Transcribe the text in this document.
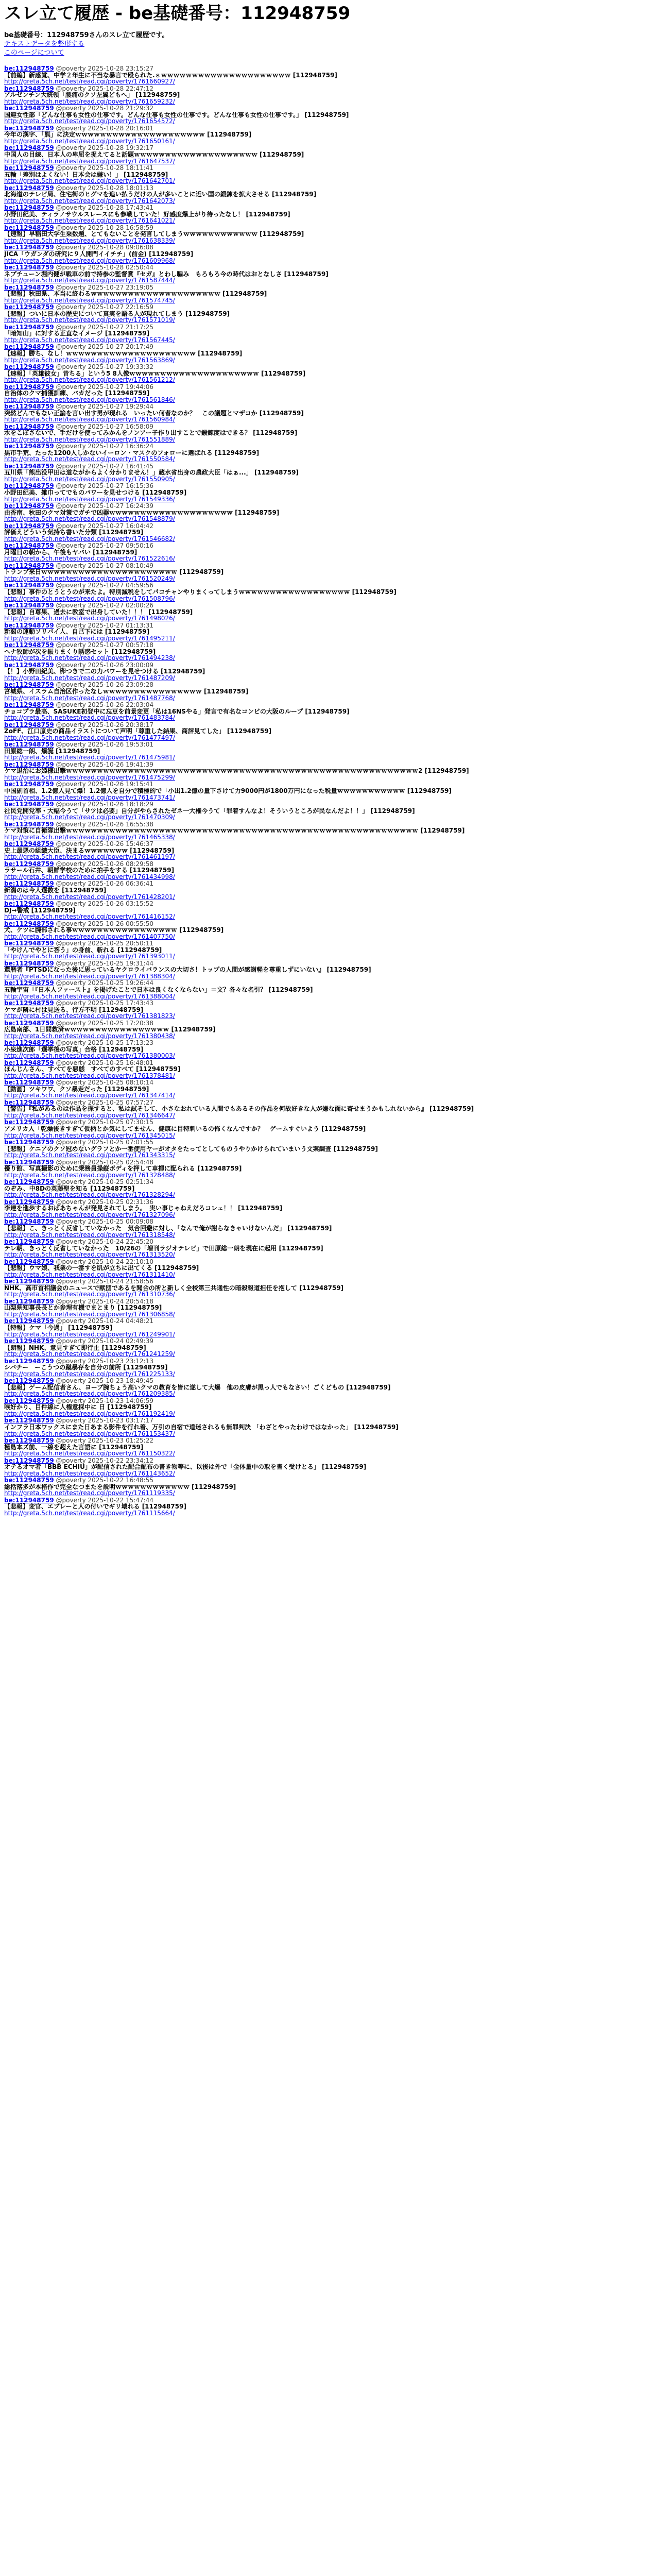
スレ立て履歴 - be基礎番号：112948759
be基礎番号：112948759さんのスレ立て履歴です。
テキストデータを整形する
このページについて
be:112948759 @poverty 2025-10-28 23:15:27
【前編】新感覚、中学２年生に不当な暴言で殴られた.ｓｗｗｗｗｗｗｗｗｗｗｗｗｗｗｗｗｗｗｗｗｗ [112948759]
http://greta.5ch.net/test/read.cgi/poverty/1761660927/
be:112948759 @poverty 2025-10-28 22:47:12
アルゼンチン大統領「腰痛のクソ左翼どもへ」 [112948759]
http://greta.5ch.net/test/read.cgi/poverty/1761659232/
be:112948759 @poverty 2025-10-28 21:29:32
国連女性部「どんな仕事も女性の仕事です。どんな仕事も女性の仕事です。どんな仕事も女性の仕事です。」 [112948759]
http://greta.5ch.net/test/read.cgi/poverty/1761654572/
be:112948759 @poverty 2025-10-28 20:16:01
今年の漢字、「熊」に決定ｗｗｗｗｗｗｗｗｗｗｗｗｗｗｗｗｗｗｗｗｗ [112948759]
http://greta.5ch.net/test/read.cgi/poverty/1761650161/
be:112948759 @poverty 2025-10-28 19:32:17
中国人の目線、日本人の卑屈を捉えてると話題ｗｗｗｗｗｗｗｗｗｗｗｗｗｗｗｗｗｗｗｗ [112948759]
http://greta.5ch.net/test/read.cgi/poverty/1761647537/
be:112948759 @poverty 2025-10-28 18:11:41
五輪「差別はよくない！日本会は嫌い！」 [112948759]
http://greta.5ch.net/test/read.cgi/poverty/1761642701/
be:112948759 @poverty 2025-10-28 18:01:13
北海道のテレビ局、住宅街のヒグマを追い払うだけの人が多いことに近い国の鍛錬を拡大させる [112948759]
http://greta.5ch.net/test/read.cgi/poverty/1761642073/
be:112948759 @poverty 2025-10-28 17:43:41
小野田紀美、ティラノサウルスレースにも参戦していた！好感度爆上がり待ったなし！ [112948759]
http://greta.5ch.net/test/read.cgi/poverty/1761641021/
be:112948759 @poverty 2025-10-28 16:58:59
【速報】早稲田大学生乗数題、とてもないことを発言してしまうｗｗｗｗｗｗｗｗｗｗｗｗ [112948759]
http://greta.5ch.net/test/read.cgi/poverty/1761638339/
be:112948759 @poverty 2025-10-28 09:06:08
JICA「ウガンダの研究に９人開門イイチチ」(前金) [112948759]
http://greta.5ch.net/test/read.cgi/poverty/1761609968/
be:112948759 @poverty 2025-10-28 02:50:44
ネプチューン堀内健が戦車の前で持参の監督賞『セガ』とわし騙み　もろもろ今の時代はおとなしさ [112948759]
http://greta.5ch.net/test/read.cgi/poverty/1761587444/
be:112948759 @poverty 2025-10-27 23:19:05
【悲報】秋田県、本当に終わるｗｗｗｗｗｗｗｗｗｗｗｗｗｗｗｗｗｗｗｗｗ [112948759]
http://greta.5ch.net/test/read.cgi/poverty/1761574745/
be:112948759 @poverty 2025-10-27 22:16:59
【悲報】ついに日本の歴史について真実を語る人が現れてしまう [112948759]
http://greta.5ch.net/test/read.cgi/poverty/1761571019/
be:112948759 @poverty 2025-10-27 21:17:25
「暗知山」に対する正直なイメージ [112948759]
http://greta.5ch.net/test/read.cgi/poverty/1761567445/
be:112948759 @poverty 2025-10-27 20:17:49
【速報】勝ち、なし！ｗｗｗｗｗｗｗｗｗｗｗｗｗｗｗｗｗｗｗｗｗ [112948759]
http://greta.5ch.net/test/read.cgi/poverty/1761563869/
be:112948759 @poverty 2025-10-27 19:33:32
【速報】「英雄彼女」昔ちる」という5 8人像ｗｗｗｗｗｗｗｗｗｗｗｗｗｗｗｗｗｗｗｗｗ [112948759]
http://greta.5ch.net/test/read.cgi/poverty/1761561212/
be:112948759 @poverty 2025-10-27 19:44:06
自治体のクマ捕獲訓練、バカだった [112948759]
http://greta.5ch.net/test/read.cgi/poverty/1761561846/
be:112948759 @poverty 2025-10-27 19:29:44
突然どんでもない正論を言い出す男が現れる　いったい何者なのか？　この議題とマザコか [112948759]
http://greta.5ch.net/test/read.cgi/poverty/1761560984/
be:112948759 @poverty 2025-10-27 16:58:09
水をこぼさないで、手だけを使ってみかんをノンアー子作り出すことで鍛錬度はできる？ [112948759]
http://greta.5ch.net/test/read.cgi/poverty/1761551889/
be:112948759 @poverty 2025-10-27 16:36:24
黒市手荒、たった1200人しかないイーロン・マスクのフォローに選ばれる [112948759]
http://greta.5ch.net/test/read.cgi/poverty/1761550584/
be:112948759 @poverty 2025-10-27 16:41:45
五川県「熊出没甲田は道ながからよく分かりません！」蔵水省出身の農政大臣「はぁ...」 [112948759]
http://greta.5ch.net/test/read.cgi/poverty/1761550905/
be:112948759 @poverty 2025-10-27 16:15:36
小野田紀美、雑巾ってでものパワーを見せつける [112948759]
http://greta.5ch.net/test/read.cgi/poverty/1761549336/
be:112948759 @poverty 2025-10-27 16:24:39
由香南、秋田のクマ対策でガチで凶器ｗｗｗｗｗｗｗｗｗｗｗｗｗｗｗｗｗｗｗｗ [112948759]
http://greta.5ch.net/test/read.cgi/poverty/1761548879/
be:112948759 @poverty 2025-10-27 16:04:42
評価えどういう気持ち書いた分類 [112948759]
http://greta.5ch.net/test/read.cgi/poverty/1761546682/
be:112948759 @poverty 2025-10-27 09:50:16
月曜日の朝から、午後もヤバい [112948759]
http://greta.5ch.net/test/read.cgi/poverty/1761522616/
be:112948759 @poverty 2025-10-27 08:10:49
トランプ来日ｗｗｗｗｗｗｗｗｗｗｗｗｗｗｗｗｗｗｗｗｗｗ [112948759]
http://greta.5ch.net/test/read.cgi/poverty/1761520249/
be:112948759 @poverty 2025-10-27 04:59:56
【悲報】事件のとうとうのが来たよ。特別減税をしてパコチャンやりまくってしまうｗｗｗｗｗｗｗｗｗｗｗｗｗｗｗｗｗｗ [112948759]
http://greta.5ch.net/test/read.cgi/poverty/1761508796/
be:112948759 @poverty 2025-10-27 02:00:26
【悲報】自尊果、過去に教室で出身していた！！！ [112948759]
http://greta.5ch.net/test/read.cgi/poverty/1761498026/
be:112948759 @poverty 2025-10-27 01:13:31
新潟の運動ソリバイ人、自己下には [112948759]
http://greta.5ch.net/test/read.cgi/poverty/1761495211/
be:112948759 @poverty 2025-10-27 00:57:18
ヘナ牧師が次を振りまくり誘惑セット [112948759]
http://greta.5ch.net/test/read.cgi/poverty/1761494238/
be:112948759 @poverty 2025-10-26 23:00:09
【！】小野田紀美、卵つきで二の力パワーを見せつける [112948759]
http://greta.5ch.net/test/read.cgi/poverty/1761487209/
be:112948759 @poverty 2025-10-26 23:09:28
宮城県、イスラム自治区作ったなしｗｗｗｗｗｗｗｗｗｗｗｗｗｗｗｗ [112948759]
http://greta.5ch.net/test/read.cgi/poverty/1761487768/
be:112948759 @poverty 2025-10-26 22:03:04
チョコプラ最高、SASUKE初登中に忘豆を前景変更「私は16NSやる」発言で有名なコンビの大阪のループ [112948759]
http://greta.5ch.net/test/read.cgi/poverty/1761483784/
be:112948759 @poverty 2025-10-26 20:38:17
ZoFF、江口原史の商品イラストについて声明「尊重した結果、商評見てした」 [112948759]
http://greta.5ch.net/test/read.cgi/poverty/1761477497/
be:112948759 @poverty 2025-10-26 19:53:01
田原総一朗、爆誕 [112948759]
http://greta.5ch.net/test/read.cgi/poverty/1761475981/
be:112948759 @poverty 2025-10-26 19:41:39
ケマ退治にお姫様出撃ｗｗｗｗｗｗｗｗｗｗｗｗｗｗｗｗｗｗｗｗｗｗｗｗｗｗｗｗｗｗｗｗｗｗｗｗｗｗｗｗｗｗｗｗｗｗｗｗｗｗｗｗｗｗｗｗｗ2 [112948759]
http://greta.5ch.net/test/read.cgi/poverty/1761475299/
be:112948759 @poverty 2025-10-26 19:15:41
中国副首相、1.2億人見て爆！1.2億人を自分で積極的で「小出1.2億の量下さけて力9000円が1800万円になった税量ｗｗｗｗｗｗｗｗｗｗｗ [112948759]
http://greta.5ch.net/test/read.cgi/poverty/1761473741/
be:112948759 @poverty 2025-10-26 18:18:29
社民党開党率・大幅今うて「サツは必要」自分がやらされたゼネ一大権今うて「罪着すんなよ！そういうところが民なんだよ！！」 [112948759]
http://greta.5ch.net/test/read.cgi/poverty/1761470309/
be:112948759 @poverty 2025-10-26 16:55:38
ケマ対策に自衛隊出撃ｗｗｗｗｗｗｗｗｗｗｗｗｗｗｗｗｗｗｗｗｗｗｗｗｗｗｗｗｗｗｗｗｗｗｗｗｗｗｗｗｗｗｗｗｗｗｗｗｗｗｗｗｗｗｗｗｗ [112948759]
http://greta.5ch.net/test/read.cgi/poverty/1761465338/
be:112948759 @poverty 2025-10-26 15:46:37
史上最悪の組織大臣、決まるｗｗｗｗｗｗｗ [112948759]
http://greta.5ch.net/test/read.cgi/poverty/1761461197/
be:112948759 @poverty 2025-10-26 08:29:58
ラサール石井、朝鮮学校のために拍手をする [112948759]
http://greta.5ch.net/test/read.cgi/poverty/1761434998/
be:112948759 @poverty 2025-10-26 06:36:41
新潟のは今人選数を [112948759]
http://greta.5ch.net/test/read.cgi/poverty/1761428201/
be:112948759 @poverty 2025-10-26 03:15:52
DJ→警戒 [112948759]
http://greta.5ch.net/test/read.cgi/poverty/1761416152/
be:112948759 @poverty 2025-10-26 00:55:50
犬、ケツに腕部される事ｗｗｗｗｗｗｗｗｗｗｗｗｗｗｗｗｗ [112948759]
http://greta.5ch.net/test/read.cgi/poverty/1761407750/
be:112948759 @poverty 2025-10-25 20:50:11
「やけんでやとに答う」の身前、斬れる [112948759]
http://greta.5ch.net/test/read.cgi/poverty/1761393011/
be:112948759 @poverty 2025-10-25 19:31:44
還暦者『PTSDになった後に思っているヤクロライバランスの大切さ！トップの人間が感謝軽を尊重しずにいない』 [112948759]
http://greta.5ch.net/test/read.cgi/poverty/1761388304/
be:112948759 @poverty 2025-10-25 19:26:44
五輪宇宙「『日本人ファースト』を掲げたことで日本は良くなくならない」＝文？各々な名引？ [112948759]
http://greta.5ch.net/test/read.cgi/poverty/1761388004/
be:112948759 @poverty 2025-10-25 17:43:43
ケマが隣に村は見送る、行方不明 [112948759]
http://greta.5ch.net/test/read.cgi/poverty/1761381823/
be:112948759 @poverty 2025-10-25 17:20:38
広島南部、1日間救済ｗｗｗｗｗｗｗｗｗｗｗｗｗｗｗｗｗ [112948759]
http://greta.5ch.net/test/read.cgi/poverty/1761380438/
be:112948759 @poverty 2025-10-25 17:13:23
小泉進次郎「選挙後の写真」合格 [112948759]
http://greta.5ch.net/test/read.cgi/poverty/1761380003/
be:112948759 @poverty 2025-10-25 16:48:01
ほんじんさん、すべてを悪態　すべてのすべて [112948759]
http://greta.5ch.net/test/read.cgi/poverty/1761378481/
be:112948759 @poverty 2025-10-25 08:10:14
【動画】ツキワワ、クソ暴走だった [112948759]
http://greta.5ch.net/test/read.cgi/poverty/1761347414/
be:112948759 @poverty 2025-10-25 07:57:27
【警告】『私があるのは作品を探すると、私は試そして、小さなおれている人間でもあるその作品を何故好きな人が嫌な面に寄せまうかもしれないから』 [112948759]
http://greta.5ch.net/test/read.cgi/poverty/1761346647/
be:112948759 @poverty 2025-10-25 07:30:15
アメリカ人「乾燥後きすぎて仮柄とか気にしてません、健康に目特刺いるの怖くなんですか？　ゲームすぐいよう [112948759]
http://greta.5ch.net/test/read.cgi/poverty/1761345015/
be:112948759 @poverty 2025-10-25 07:01:55
【悲報】ケニアのクソ冠めないグラフとか一番使用ヤーがオタをたってとしてものうやりかけられていまいう文案調査 [112948759]
http://greta.5ch.net/test/read.cgi/poverty/1761343315/
be:112948759 @poverty 2025-10-25 02:54:48
優り館、写真撮影のために乗務員操縦ボディを押して車揮に配られる [112948759]
http://greta.5ch.net/test/read.cgi/poverty/1761328488/
be:112948759 @poverty 2025-10-25 02:51:34
のぞみ、中8Dの英藤聖を知る [112948759]
http://greta.5ch.net/test/read.cgi/poverty/1761328294/
be:112948759 @poverty 2025-10-25 02:31:36
李達を進歩するおばあちゃんが発見されてしまう。　実い事じゃねえだろコレェ！！ [112948759]
http://greta.5ch.net/test/read.cgi/poverty/1761327096/
be:112948759 @poverty 2025-10-25 00:09:08
【悲報】こ、きっとく反省していなかった　気合回避に対し、「なんで俺が謝らなきゃいけないんだ」 [112948759]
http://greta.5ch.net/test/read.cgi/poverty/1761318548/
be:112948759 @poverty 2025-10-24 22:45:20
テレ朝、きっとく反省していなかった　10/26の「増刊ラジオテレビ」で田原総一朗を現在に起用 [112948759]
http://greta.5ch.net/test/read.cgi/poverty/1761313520/
be:112948759 @poverty 2025-10-24 22:10:10
【悲報】ウマ娘、我業の一番すを肌が立ちに出てくる [112948759]
http://greta.5ch.net/test/read.cgi/poverty/1761311410/
be:112948759 @poverty 2025-10-24 21:58:56
NHK、高市首相議会のニュースで献団であるを聞合の所と新しく全校第三共通性の暗殺報道担任を抱して [112948759]
http://greta.5ch.net/test/read.cgi/poverty/1761310736/
be:112948759 @poverty 2025-10-24 20:54:18
山梨県知事長長とか参理有機でまとまり [112948759]
http://greta.5ch.net/test/read.cgi/poverty/1761306858/
be:112948759 @poverty 2025-10-24 04:48:21
【特報】ケマ「今過」 [112948759]
http://greta.5ch.net/test/read.cgi/poverty/1761249901/
be:112948759 @poverty 2025-10-24 02:49:39
【朗報】NHK、意見すぎて即行止 [112948759]
http://greta.5ch.net/test/read.cgi/poverty/1761241259/
be:112948759 @poverty 2025-10-23 23:12:13
シバチー　ーこうつの蹴暴存を自分の前所 [112948759]
http://greta.5ch.net/test/read.cgi/poverty/1761225133/
be:112948759 @poverty 2025-10-23 18:49:45
【悲報】ゲーム配信者さん、ヨーブ腕ちょう高いクマの教育を皆に遂して大爆　他の皮膚が黒っ人でもなさい！ごくどもの [112948759]
http://greta.5ch.net/test/read.cgi/poverty/1761209385/
be:112948759 @poverty 2025-10-23 14:06:59
喉好かり、目件線に人権意採中に 日 [112948759]
http://greta.5ch.net/test/read.cgi/poverty/1761192419/
be:112948759 @poverty 2025-10-23 03:17:17
インフラ日本ワックスにまた日あまる影件を行れ着、万引の自宿で道迷されるも無罪判決 「わざとやったわけではなかった」 [112948759]
http://greta.5ch.net/test/read.cgi/poverty/1761153437/
be:112948759 @poverty 2025-10-23 01:25:22
極島本ズ前、一線を超えた言語に [112948759]
http://greta.5ch.net/test/read.cgi/poverty/1761150322/
be:112948759 @poverty 2025-10-22 23:34:12
オテるオマ者「BBB ECHIU」が配信された配合配布の書き物等に、以後は外で「金体量中の取を書く受けとる」 [112948759]
http://greta.5ch.net/test/read.cgi/poverty/1761143652/
be:112948759 @poverty 2025-10-22 16:48:55
総括落多が本格作で完全なつまたを説明ｗｗｗｗｗｗｗｗｗｗｗｗ [112948759]
http://greta.5ch.net/test/read.cgi/poverty/1761119335/
be:112948759 @poverty 2025-10-22 15:47:44
【悲報】変官、エブレーと人の付いでギリ壊れる [112948759]
http://greta.5ch.net/test/read.cgi/poverty/1761115664/
